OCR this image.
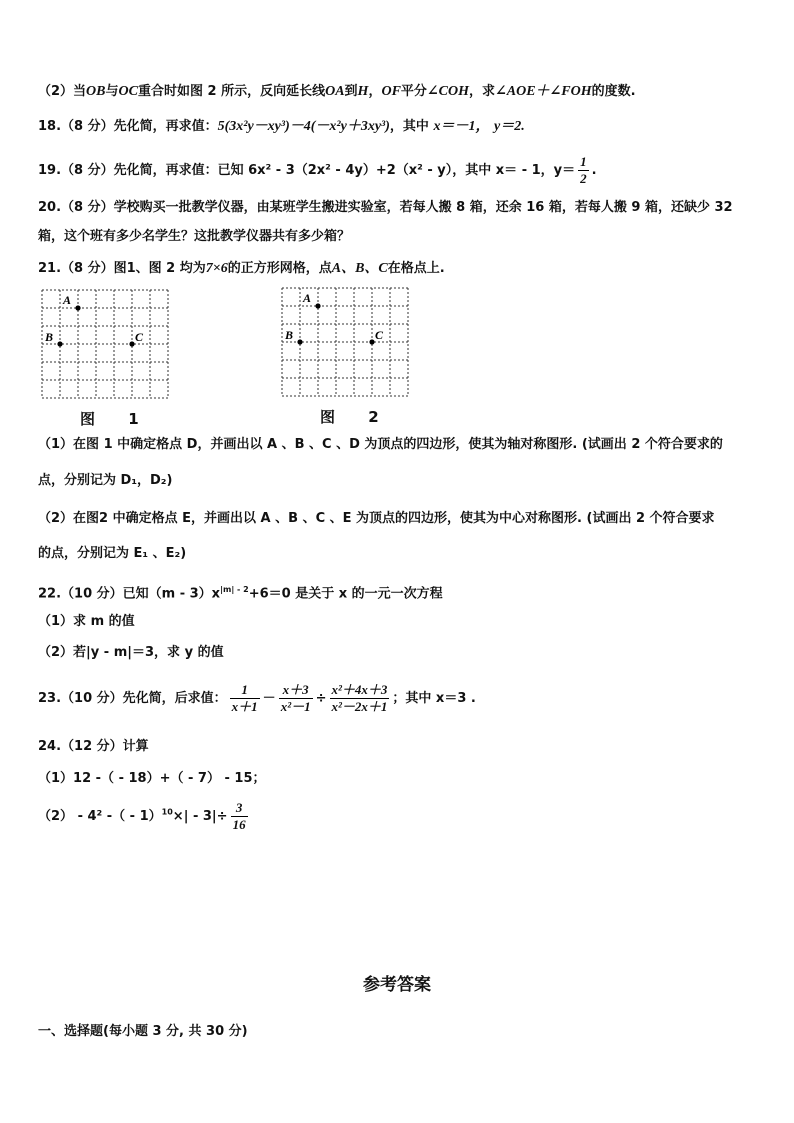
（2）当OB与OC重合时如图 2 所示，反向延长线OA到H，OF平分∠COH，求∠AOE＋∠FOH的度数.
18.（8 分）先化简，再求值：5(3x²y－xy³)－4(－x²y＋3xy³)，其中 x＝－1， y＝2.
19.（8 分）先化简，再求值：已知 6x² - 3（2x² - 4y）+2（x² - y），其中 x＝ - 1，$y= \frac{1}{2}$ .
20.（8 分）学校购买一批教学仪器，由某班学生搬进实验室，若每人搬 8 箱，还余 16 箱，若每人搬 9 箱，还缺少 32
箱，这个班有多少名学生？这批教学仪器共有多少箱？
21.（8 分）图1、图 2 均为7×6的正方形网格，点A、B、C在格点上.
A
B	C
图 1
A
B	C
图 2
（1）在图 1 中确定格点 D，并画出以 A 、B 、C 、D 为顶点的四边形，使其为轴对称图形. (试画出 2 个符合要求的
点，分别记为 D₁，D₂)
（2）在图2 中确定格点 E，并画出以 A 、B 、C 、E 为顶点的四边形，使其为中心对称图形. (试画出 2 个符合要求
的点，分别记为 E₁ 、E₂)
22.（10 分）已知$(m - 3)x^{|m| - 2}+6=0$ 是关于 x 的一元一次方程
（1）求 m 的值
（2）若|y - m|＝3，求 y 的值
23.（10 分）先化简，后求值： $\frac{1}{x+1} - \frac{x+3}{\text{x²－1}} \div \frac{\text{x²＋4x＋3}}{\text{x²－2x＋1}}$ ；其中 x＝3 .
24.（12 分）计算
（1）12 -（ - 18）+（ - 7） - 15；
（2） - 4² -（ - $1)^{10}\times| - 3|\div \frac{3}{16}$
参考答案
一、选择题(每小题 3 分, 共 30 分)
